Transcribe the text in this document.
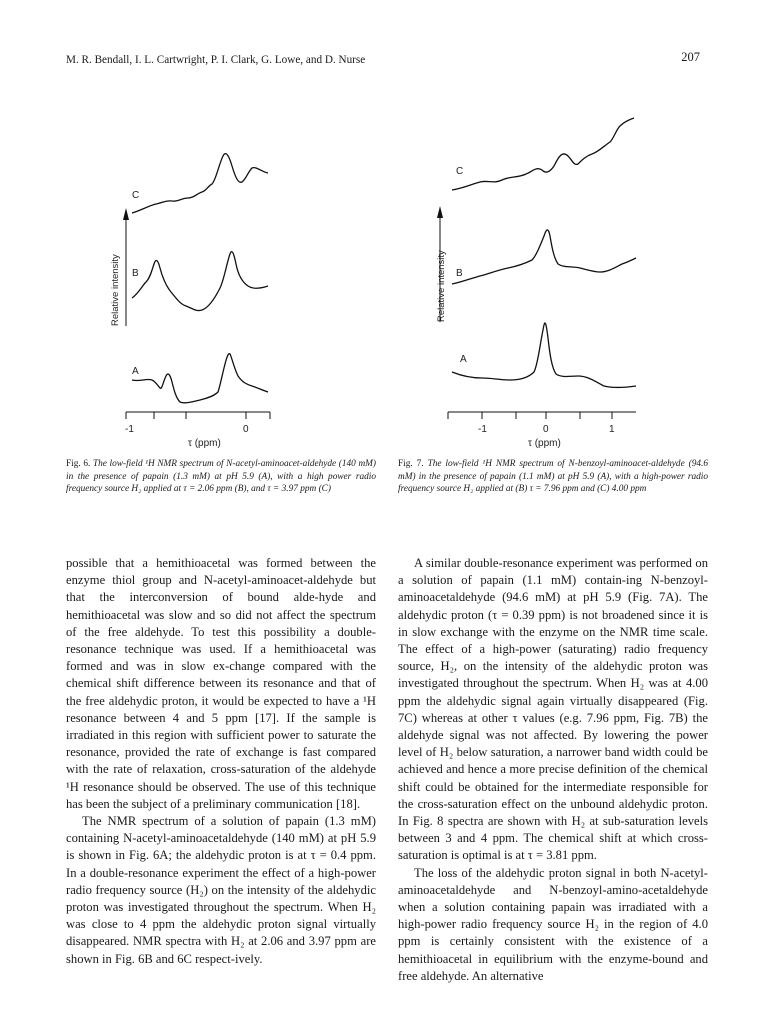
M. R. Bendall, I. L. Cartwright, P. I. Clark, G. Lowe, and D. Nurse	207
C
B
A
Relative intensity
-1	0
τ (ppm)
Fig. 6. The low-field ¹H NMR spectrum of N-acetyl-aminoacet-aldehyde (140 mM) in the presence of papain (1.3 mM) at pH 5.9 (A), with a high power radio frequency source H₂ applied at τ = 2.06 ppm (B), and τ = 3.97 ppm (C)
C
B
A
Relative intensity
-1	0	1
τ (ppm)
Fig. 7. The low-field ¹H NMR spectrum of N-benzoyl-aminoacet-aldehyde (94.6 mM) in the presence of papain (1.1 mM) at pH 5.9 (A), with a high-power radio frequency source H₂ applied at (B) τ = 7.96 ppm and (C) 4.00 ppm

possible that a hemithioacetal was formed between the enzyme thiol group and N-acetyl-aminoacet-aldehyde but that the interconversion of bound alde-hyde and hemithioacetal was slow and so did not affect the spectrum of the free aldehyde. To test this possibility a double-resonance technique was used. If a hemithioacetal was formed and was in slow ex-change compared with the chemical shift difference between its resonance and that of the free aldehydic proton, it would be expected to have a ¹H resonance between 4 and 5 ppm [17]. If the sample is irradiated in this region with sufficient power to saturate the resonance, provided the rate of exchange is fast compared with the rate of relaxation, cross-saturation of the aldehyde ¹H resonance should be observed. The use of this technique has been the subject of a preliminary communication [18].

The NMR spectrum of a solution of papain (1.3 mM) containing N-acetyl-aminoacetaldehyde (140 mM) at pH 5.9 is shown in Fig. 6A; the aldehydic proton is at τ = 0.4 ppm. In a double-resonance experiment the effect of a high-power radio frequency source (H₂) on the intensity of the aldehydic proton was investigated throughout the spectrum. When H₂ was close to 4 ppm the aldehydic proton signal virtually disappeared. NMR spectra with H₂ at 2.06 and 3.97 ppm are shown in Fig. 6B and 6C respect-ively.

A similar double-resonance experiment was performed on a solution of papain (1.1 mM) contain-ing N-benzoyl-aminoacetaldehyde (94.6 mM) at pH 5.9 (Fig. 7A). The aldehydic proton (τ = 0.39 ppm) is not broadened since it is in slow exchange with the enzyme on the NMR time scale. The effect of a high-power (saturating) radio frequency source, H₂, on the intensity of the aldehydic proton was investigated throughout the spectrum. When H₂ was at 4.00 ppm the aldehydic signal again virtually disappeared (Fig. 7C) whereas at other τ values (e.g. 7.96 ppm, Fig. 7B) the aldehyde signal was not affected. By lowering the power level of H₂ below saturation, a narrower band width could be achieved and hence a more precise definition of the chemical shift could be obtained for the intermediate responsible for the cross-saturation effect on the unbound aldehydic proton. In Fig. 8 spectra are shown with H₂ at sub-saturation levels between 3 and 4 ppm. The chemical shift at which cross-saturation is optimal is at τ = 3.81 ppm.

The loss of the aldehydic proton signal in both N-acetyl-aminoacetaldehyde and N-benzoyl-amino-acetaldehyde when a solution containing papain was irradiated with a high-power radio frequency source H₂ in the region of 4.0 ppm is certainly consistent with the existence of a hemithioacetal in equilibrium with the enzyme-bound and free aldehyde. An alternative
